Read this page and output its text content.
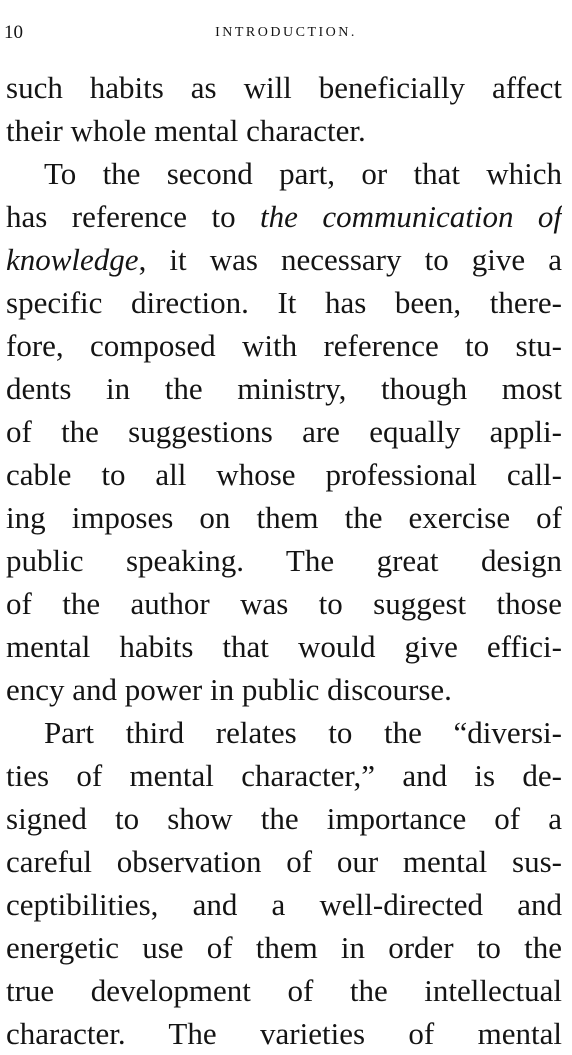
10	INTRODUCTION.
such habits as will beneficially affect
their whole mental character.
To the second part, or that which
has reference to the communication of
knowledge, it was necessary to give a
specific direction. It has been, there-
fore, composed with reference to stu-
dents in the ministry, though most
of the suggestions are equally appli-
cable to all whose professional call-
ing imposes on them the exercise of
public speaking. The great design
of the author was to suggest those
mental habits that would give effici-
ency and power in public discourse.
Part third relates to the “diversi-
ties of mental character,” and is de-
signed to show the importance of a
careful observation of our mental sus-
ceptibilities, and a well-directed and
energetic use of them in order to the
true development of the intellectual
character. The varieties of mental
